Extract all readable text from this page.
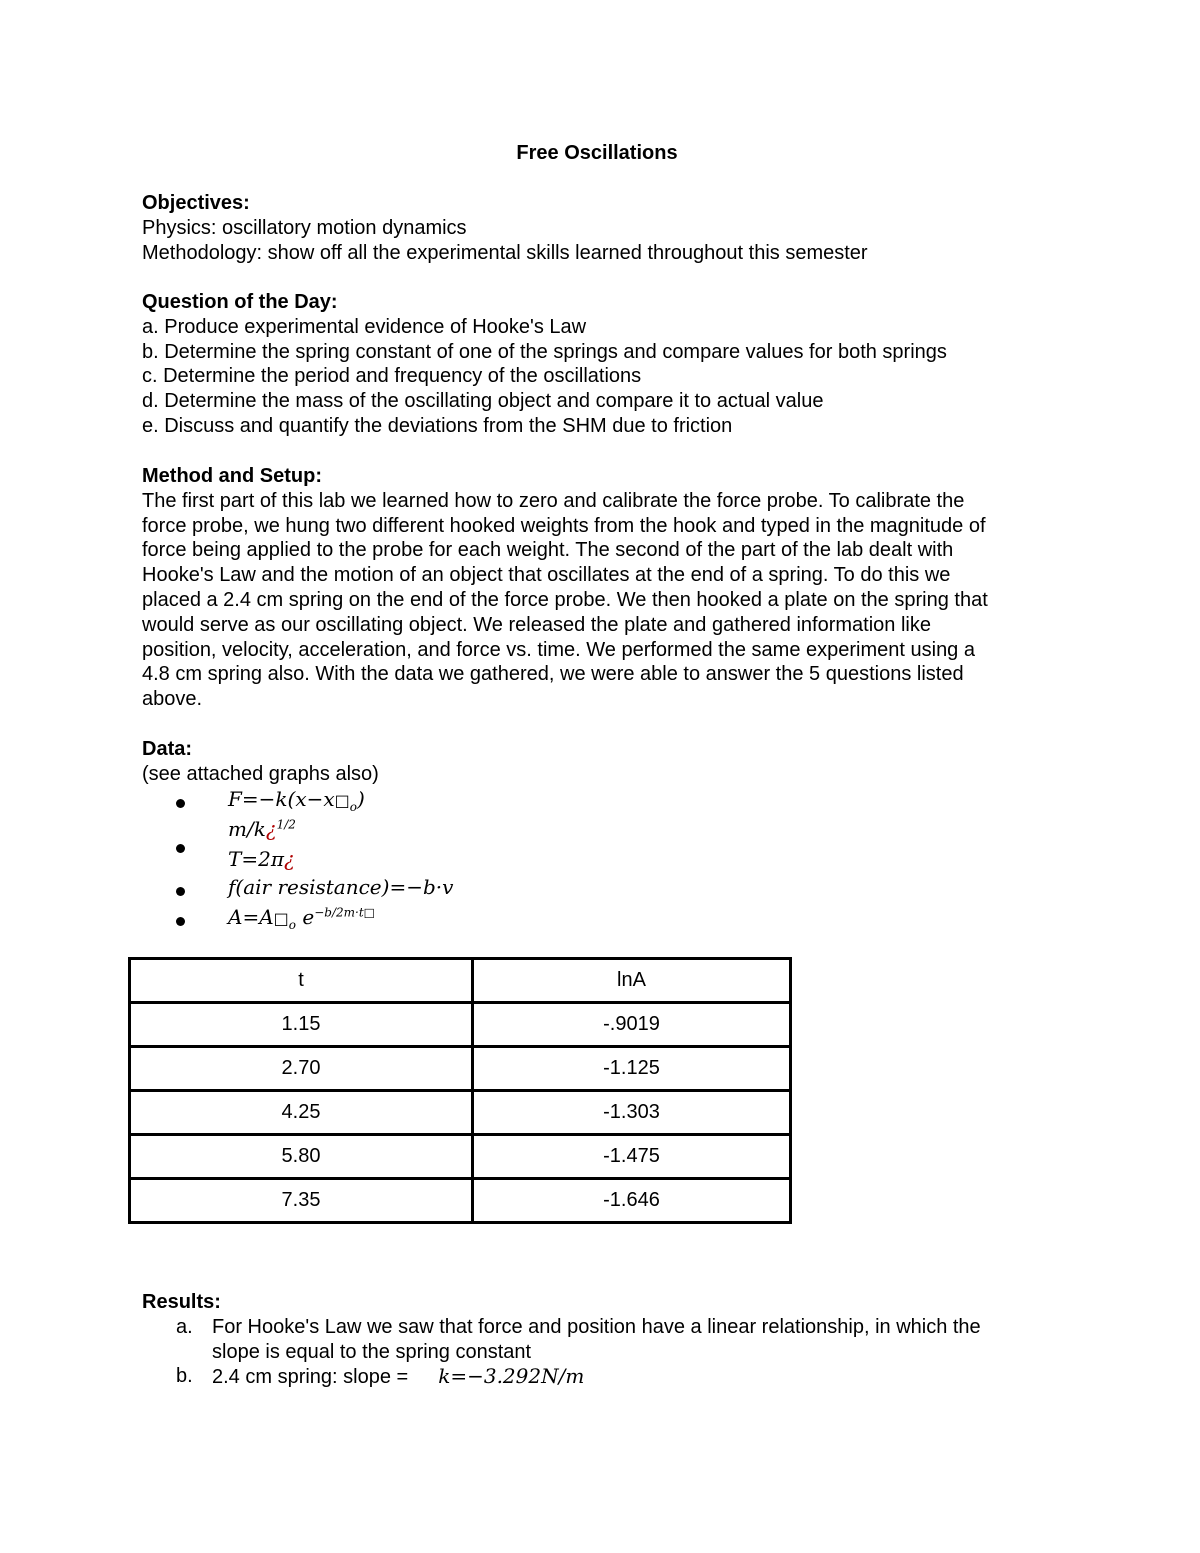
Free Oscillations
Objectives:
Physics: oscillatory motion dynamics
Methodology: show off all the experimental skills learned throughout this semester
Question of the Day:
a. Produce experimental evidence of Hooke's Law
b. Determine the spring constant of one of the springs and compare values for both springs
c. Determine the period and frequency of the oscillations
d. Determine the mass of the oscillating object and compare it to actual value
e. Discuss and quantify the deviations from the SHM due to friction
Method and Setup:
The first part of this lab we learned how to zero and calibrate the force probe. To calibrate the
force probe, we hung two different hooked weights from the hook and typed in the magnitude of
force being applied to the probe for each weight. The second of the part of the lab dealt with
Hooke's Law and the motion of an object that oscillates at the end of a spring. To do this we
placed a 2.4 cm spring on the end of the force probe. We then hooked a plate on the spring that
would serve as our oscillating object. We released the plate and gathered information like
position, velocity, acceleration, and force vs. time. We performed the same experiment using a
4.8 cm spring also. With the data we gathered, we were able to answer the 5 questions listed
above.
Data:
(see attached graphs also)
$F=-k(x-x□_o)$
m/k¿$^{1/2}$
T=2π¿
f(air resistance)=−b·v
$A=A□_o$ $e^{-b/2m\cdot t□}$
t	lnA
1.15	-.9019
2.70	-1.125
4.25	-1.303
5.80	-1.475
7.35	-1.646
Results:
a. For Hooke's Law we saw that force and position have a linear relationship, in which the
slope is equal to the spring constant
b. 2.4 cm spring: slope = k=−3.292N/m
